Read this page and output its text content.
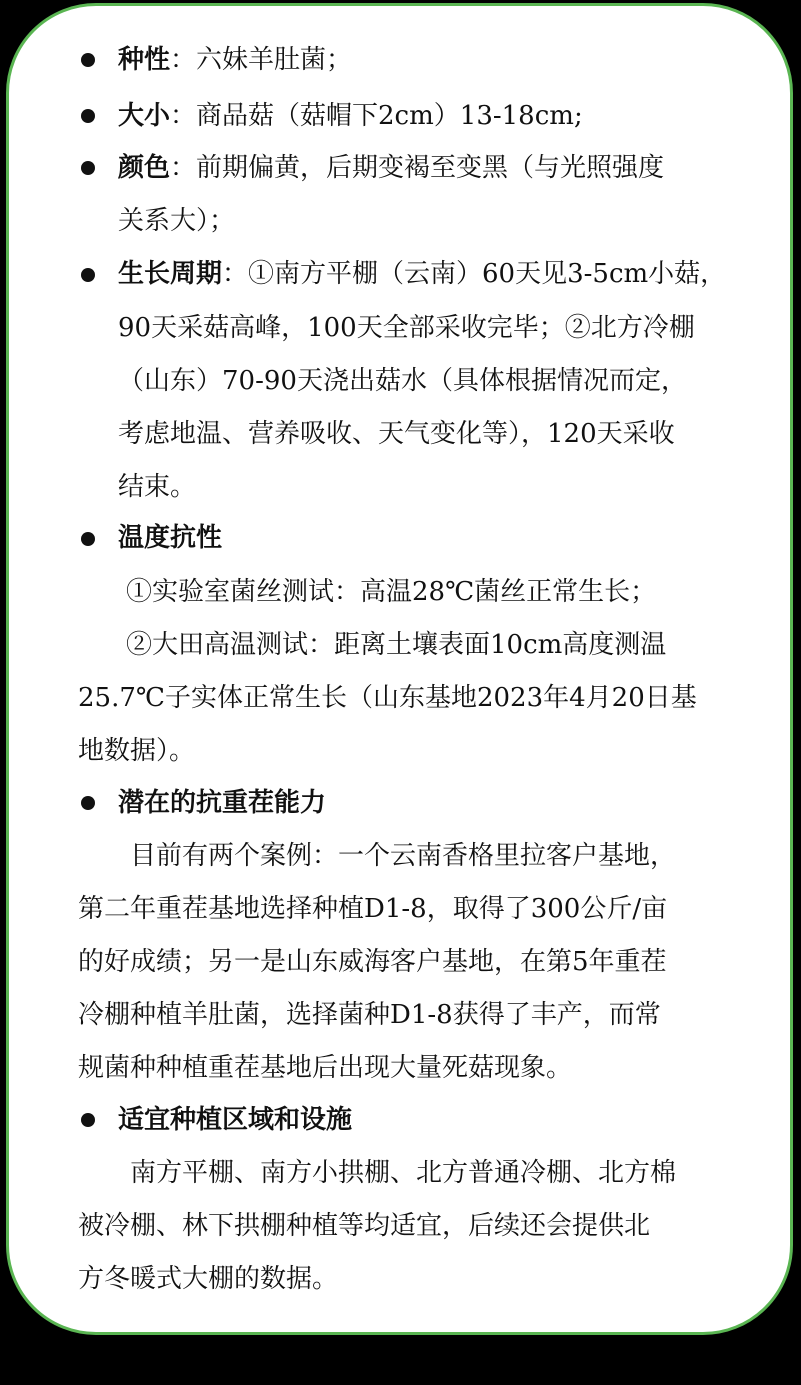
种性：六妹羊肚菌；
大小：商品菇（菇帽下2cm）13-18cm;
颜色：前期偏黄，后期变褐至变黑（与光照强度
关系大）；
生长周期：①南方平棚（云南）60天见3-5cm小菇，
90天采菇高峰，100天全部采收完毕；②北方冷棚
（山东）70-90天浇出菇水（具体根据情况而定，
考虑地温、营养吸收、天气变化等），120天采收
结束。
温度抗性
①实验室菌丝测试：高温28℃菌丝正常生长；
②大田高温测试：距离土壤表面10cm高度测温
25.7℃子实体正常生长（山东基地2023年4月20日基
地数据）。
潜在的抗重茬能力
目前有两个案例：一个云南香格里拉客户基地，
第二年重茬基地选择种植D1-8，取得了300公斤/亩
的好成绩；另一是山东威海客户基地，在第5年重茬
冷棚种植羊肚菌，选择菌种D1-8获得了丰产，而常
规菌种种植重茬基地后出现大量死菇现象。
适宜种植区域和设施
南方平棚、南方小拱棚、北方普通冷棚、北方棉
被冷棚、林下拱棚种植等均适宜，后续还会提供北
方冬暖式大棚的数据。
